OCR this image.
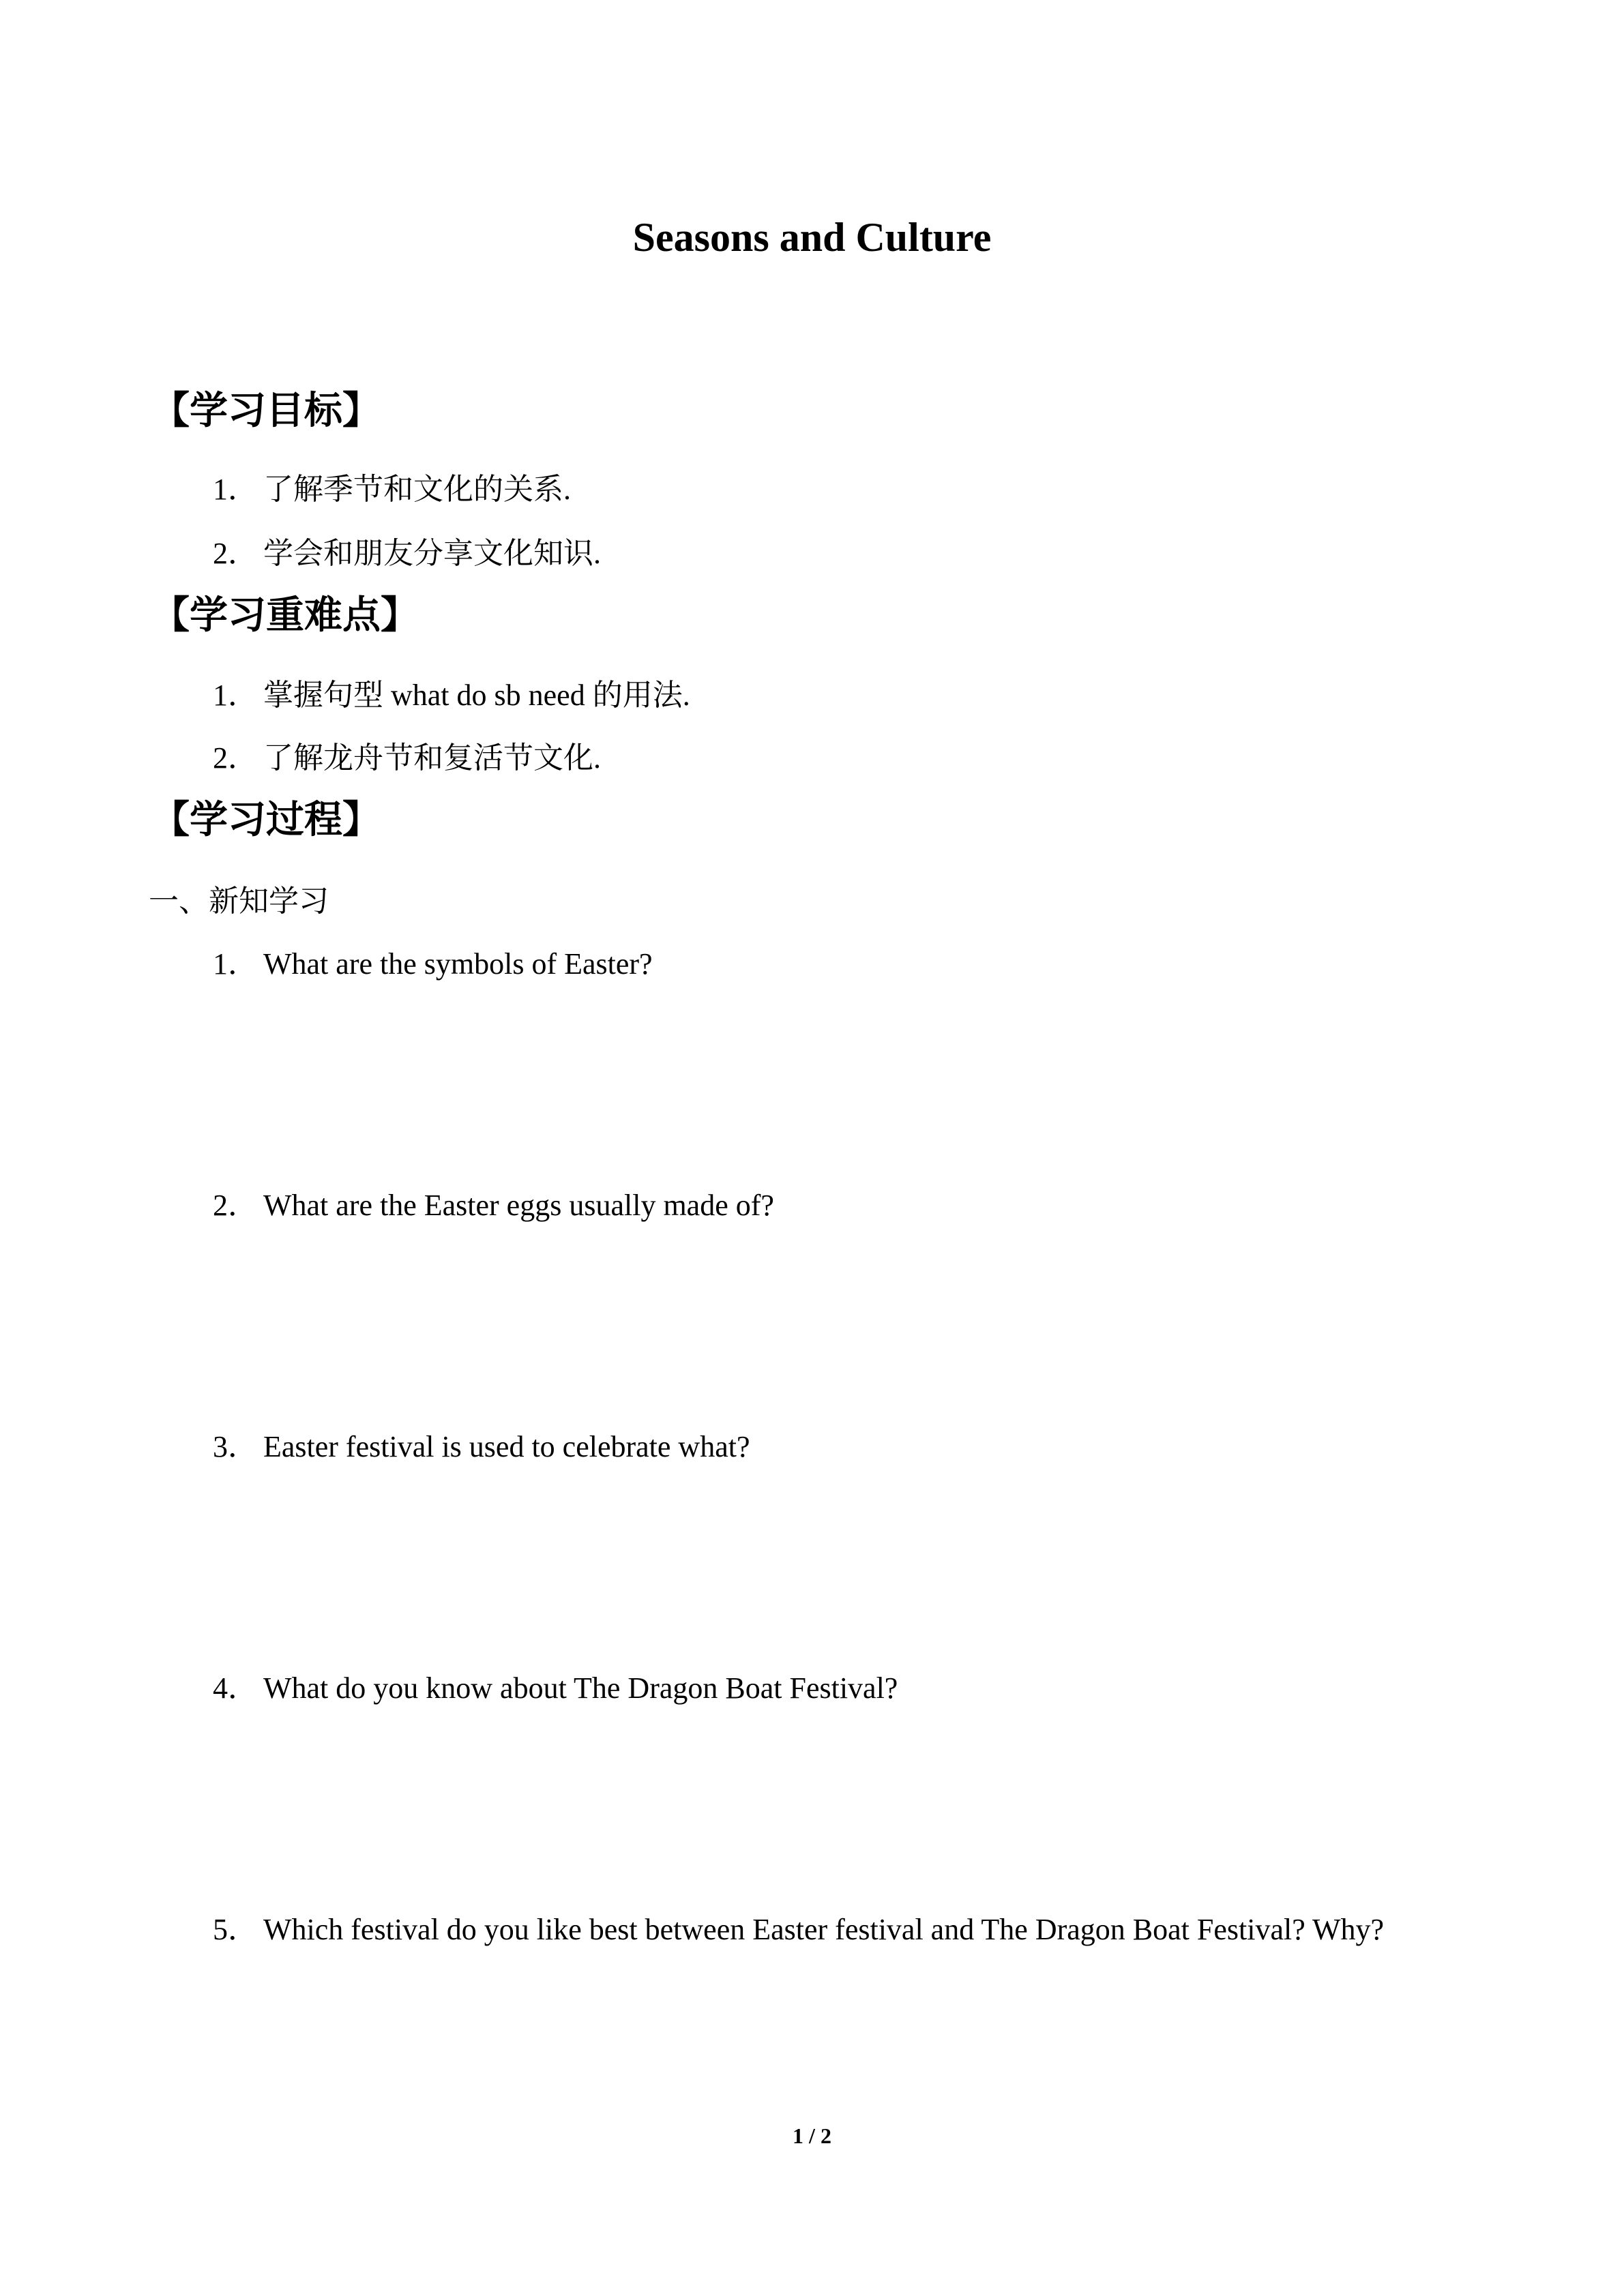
Seasons and Culture
【学习目标】
1． 了解季节和文化的关系.
2． 学会和朋友分享文化知识.
【学习重难点】
1． 掌握句型 what do sb need 的用法.
2． 了解龙舟节和复活节文化.
【学习过程】
一、新知学习
1． What are the symbols of Easter?
2． What are the Easter eggs usually made of?
3． Easter festival is used to celebrate what?
4． What do you know about The Dragon Boat Festival?
5． Which festival do you like best between Easter festival and The Dragon Boat Festival? Why?
1 / 2
